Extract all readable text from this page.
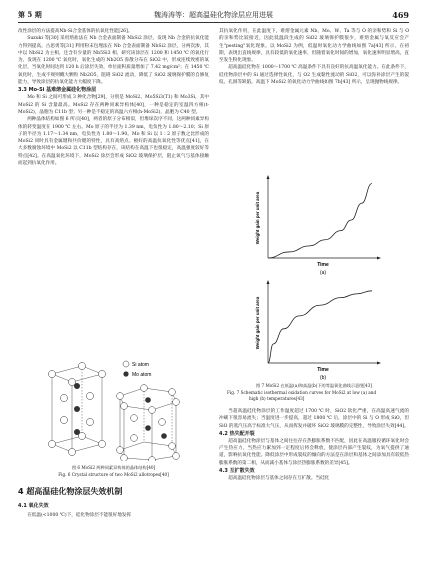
第 5 期	魏涛涛等：超高温硅化物涂层应用进展	469

改性涂层的方法提高Nb-Si合金基体的抗氧化性能[26]。

Suzuki 等[30] 采用熔盐法在 Nb 合金表面制备 NbSi2 涂层，发现 Nb 合金的抗氧化能力得到提高。古思勇等[31] 利用粉末包埋法在 Nb 合金表面制备 NbSi2 涂层，分两次渗，其中以 NbSi2 为主相，还含有少量的 Nb5Si3 相，研究该涂层在 1200 和 1450 ℃ 的氧化行为，发现在 1200 ℃ 氧化时，氧化生成的 Nb2O5 弥散分布在 SiO2 中，形成连续致密的氧化层，当氧化时间达到 120 h 后涂层失效，单位面积质量增加了 7.42 mg/cm²；在 1450 ℃ 氧化时，生成不规则概大颗粒 Nb2O5，阻碍 SiO2 流动，降低了 SiO2 玻璃保护膜的自修复能力，导致涂层的抗氧化能力大幅度下降。

3.3 Mo-Si 基难熔金属硅化物涂层

Mo 和 Si 之间可形成 3 种化合物[29]，分别是 MoSi2、Mo5Si3(T1) 和 Mo3Si，其中 MoSi2 的 Si 含量最高。MoSi2 存在两种同素异构体[40]，一种是稳定的室温四方相(t-MoSi2)，晶胞为 C11b 型；另一种是不稳定的高温六方相(h-MoSi2)，晶胞为 C40 型。

两种晶体结构如图 6 所示[40]，两者的原子分布相似，但堆垛次序不同，这两种同素异构体的转变温度在 1900 ℃ 左右。Mo 原子的半径为 1.39 nm，电负性为 1.80～2.10；Si 原子的半径为 1.17～1.34 nm，电负性为 1.80～1.90。Mo 和 Si 以 1∶2 原子数之比形成的 MoSi2 同时具有金属键和共价键的特性，具有高熔点、极好的高温抗氧化性等优点[41]，在大多数腐蚀环境中 MoSi2 以 C11b 型结构存在，该结构在高温下也很稳定，高温强度较好等特点[42]。在高温氧化环境下，MoSi2 涂层会形成 SiO2 玻璃保护层，阻止氧气与基体接触而起到抗氧化作用。

Si atom
Mo atom
图 6 MoSi2 两种同素异构体的晶体结构[40]
Fig. 6 Crystal structure of two MoSi2 allotropes[40]
4 超高温硅化物涂层失效机制
4.1 氧化失效

在低温(<1000 ℃)下，硅化物涂层不能很好地发挥

其抗氧化作用，在此温度下，难熔金属元素 Nb、Mo、W、Ta 等与 O 的亲和势和 Si 与 O 的亲和势比较接近，因此低温段生成的 SiO2 玻璃保护膜很少，难熔金属与氧反应会产生"pesting"氧化现象。以 MoSi2 为例，低温时氧化动力学曲线如图 7a[43] 所示，在初期，表现出直线规律，具有较低的氧化速率，但随着氧化时间的增加，氧化速率明显增高，直至发生粉化现象。

超高温硅化物在 1000～1700 ℃ 高温条件下具有良好的抗高温氧化能力。在此条件下，硅化物涂层中的 Si 通过选择性氧化，与 O2 生成黏性流动的 SiO2，可以弥补涂层产生的裂纹、孔洞等缺陷。高温下 MoSi2 的氧化动力学曲线如图 7b[43] 所示，呈现抛物线规律。

Weight gain per unit area
Time
(a)
Weight gain per unit area
Time
(b)
图 7 MoSi2 在低温(a)和高温(b)下的等温氧化曲线示意图[43]
Fig. 7 Schematic isothermal oxidation curves for MoSi2 at low (a) and
high (b) temperatures[43]

当超高温硅化物涂层的工作温度超过 1700 ℃ 时，SiO2 软化严重，在高温高速气流的冲刷下很容易流失；当温度进一步提高，超过 1800 ℃ 后，涂层中的 Si 与 O 形成 SiO，但 SiO 的蒸汽压高于标准大气压，从而挥发并破坏 SiO2 玻璃膜的完整性，导致涂层失效[44]。

4.2 热失配开裂

超高温硅化物涂层与基体之间往往存在热膨胀系数不匹配，因此在高温服役循环氧化时会产生热应力，当热应力累加到一定程度后将会释放，使涂层内部产生裂纹，为氧气提供了通道，影响抗氧化性能。降低涂层中形成裂纹的倾向的方法是在涂层和基体之间添加具有较低热膨胀系数的第二相，从而减小基体与涂层热膨胀系数的差异[45]。

4.3 互扩散失效

超高温硅化物涂层与基体之间存在互扩散。当硅化
